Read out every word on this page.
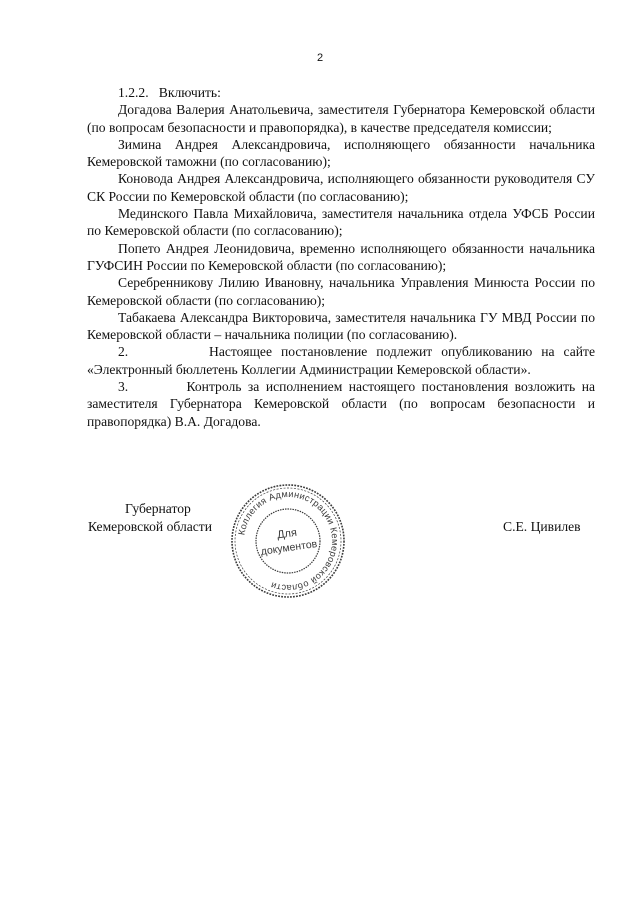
2

1.2.2.   Включить:

Догадова Валерия Анатольевича, заместителя Губернатора Кемеровской области (по вопросам безопасности и правопорядка), в качестве председателя комиссии;

Зимина Андрея Александровича, исполняющего обязанности начальника Кемеровской таможни (по согласованию);

Коновода Андрея Александровича, исполняющего обязанности руководителя СУ СК России по Кемеровской области (по согласованию);

Мединского Павла Михайловича, заместителя начальника отдела УФСБ России по Кемеровской области (по согласованию);

Попето Андрея Леонидовича, временно исполняющего обязанности начальника ГУФСИН России по Кемеровской области (по согласованию);

Серебренникову Лилию Ивановну, начальника Управления Минюста России по Кемеровской области (по согласованию);

Табакаева Александра Викторовича, заместителя начальника ГУ МВД России по Кемеровской области – начальника полиции (по согласованию).

2.         Настоящее постановление подлежит опубликованию на сайте «Электронный бюллетень Коллегии Администрации Кемеровской области».

3.         Контроль за исполнением настоящего постановления возложить на заместителя Губернатора Кемеровской области (по вопросам безопасности и правопорядка) В.А. Догадова.

Губернатор
Кемеровской области	С.Е. Цивилев
Коллегия Администрации Кемеровской области
Для
документов
